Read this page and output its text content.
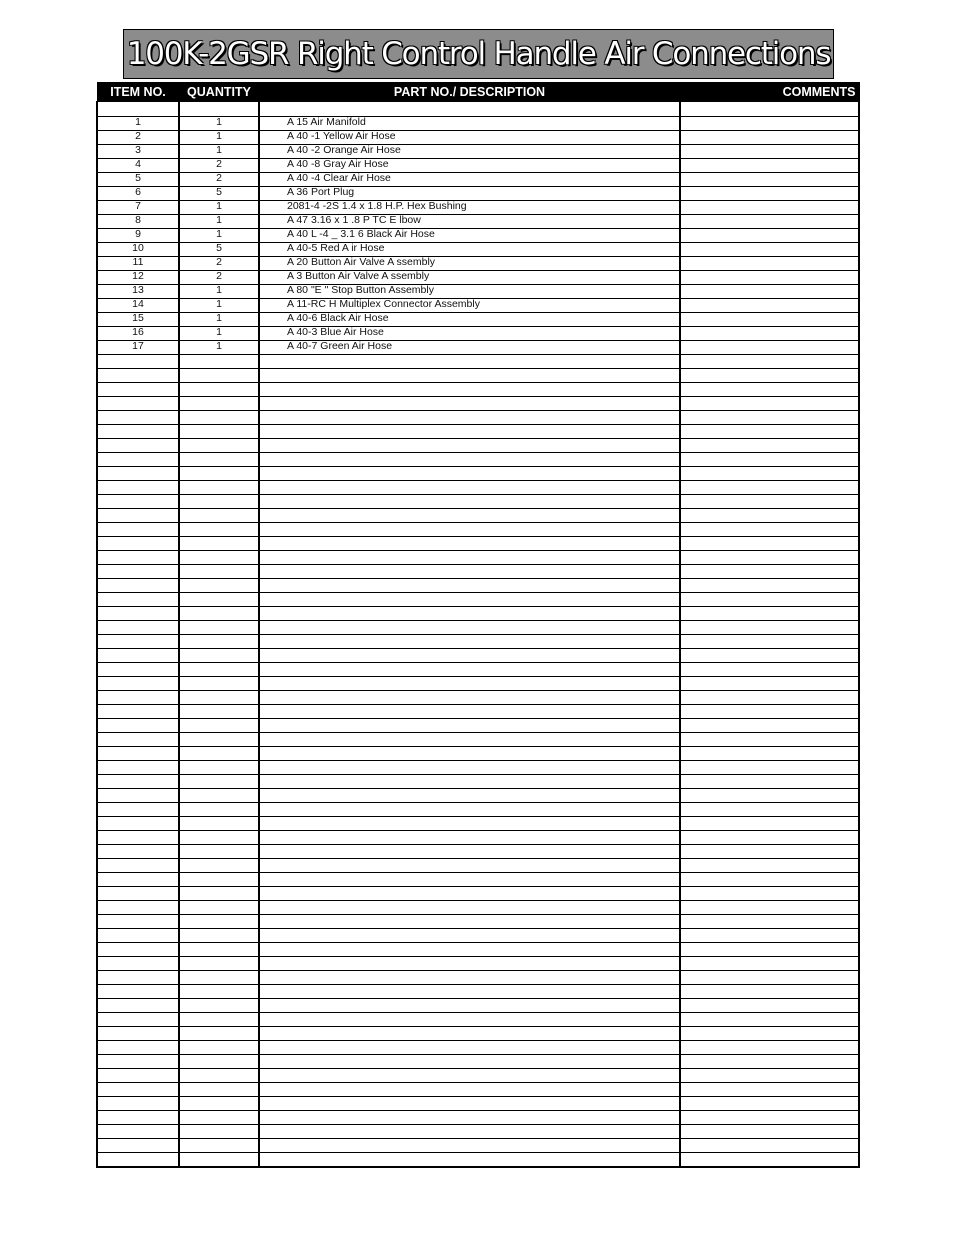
100K-2GSR Right Control Handle Air Connections
ITEM NO.	QUANTITY	PART NO./ DESCRIPTION	COMMENTS

1	1	A 15 Air Manifold	
2	1	A 40 -1 Yellow Air Hose	
3	1	A 40 -2 Orange Air Hose	
4	2	A 40 -8 Gray Air Hose	
5	2	A 40 -4 Clear Air Hose	
6	5	A 36 Port Plug	
7	1	2081-4 -2S 1.4 x 1.8 H.P. Hex Bushing	
8	1	A 47 3.16 x 1 .8 P TC E lbow	
9	1	A 40 L -4 _ 3.1 6 Black Air Hose	
10	5	A 40-5 Red A ir Hose	
11	2	A 20 Button Air Valve A ssembly	
12	2	A 3 Button Air Valve A ssembly	
13	1	A 80 "E " Stop Button Assembly	
14	1	A 11-RC H Multiplex Connector Assembly	
15	1	A 40-6 Black Air Hose	
16	1	A 40-3 Blue Air Hose	
17	1	A 40-7 Green Air Hose	
